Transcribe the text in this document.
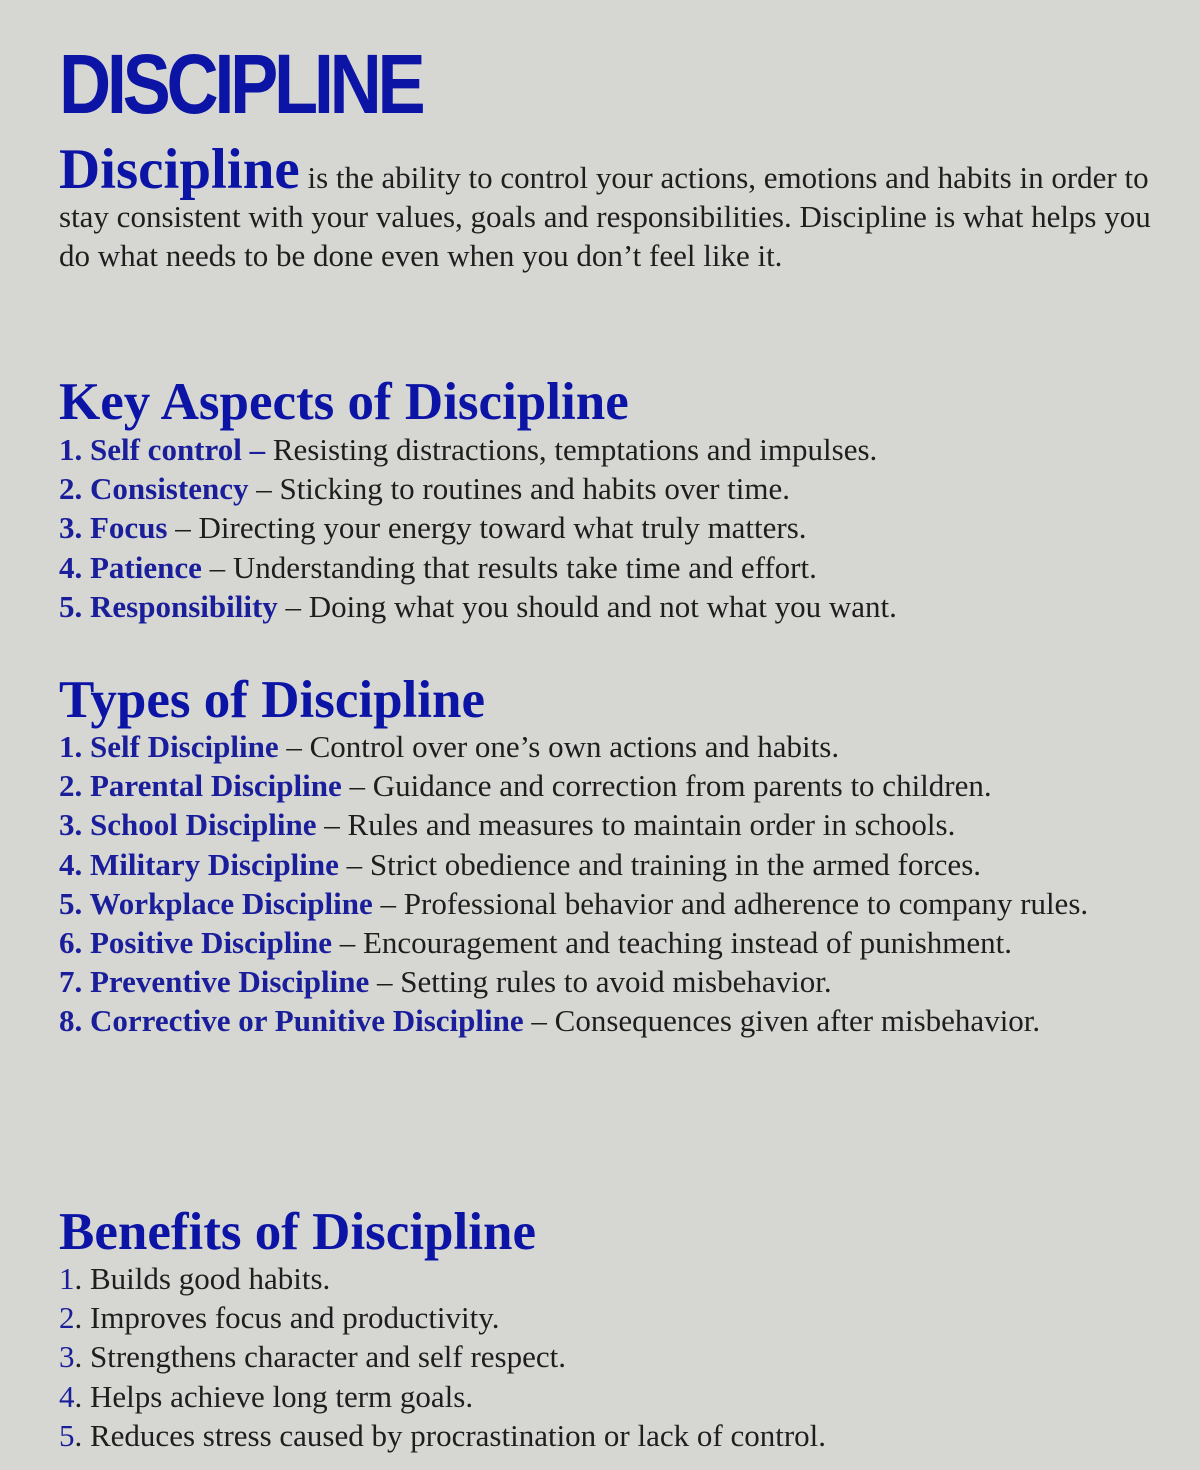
DISCIPLINE

Discipline is the ability to control your actions, emotions and habits in order to stay consistent with your values, goals and responsibilities. Discipline is what helps you do what needs to be done even when you don’t feel like it.

Key Aspects of Discipline
1. Self control – Resisting distractions, temptations and impulses.
2. Consistency – Sticking to routines and habits over time.
3. Focus – Directing your energy toward what truly matters.
4. Patience – Understanding that results take time and effort.
5. Responsibility – Doing what you should and not what you want.
Types of Discipline
1. Self Discipline – Control over one’s own actions and habits.
2. Parental Discipline – Guidance and correction from parents to children.
3. School Discipline – Rules and measures to maintain order in schools.
4. Military Discipline – Strict obedience and training in the armed forces.
5. Workplace Discipline – Professional behavior and adherence to company rules.
6. Positive Discipline – Encouragement and teaching instead of punishment.
7. Preventive Discipline – Setting rules to avoid misbehavior.
8. Corrective or Punitive Discipline – Consequences given after misbehavior.
Benefits of Discipline
1. Builds good habits.
2. Improves focus and productivity.
3. Strengthens character and self respect.
4. Helps achieve long term goals.
5. Reduces stress caused by procrastination or lack of control.
